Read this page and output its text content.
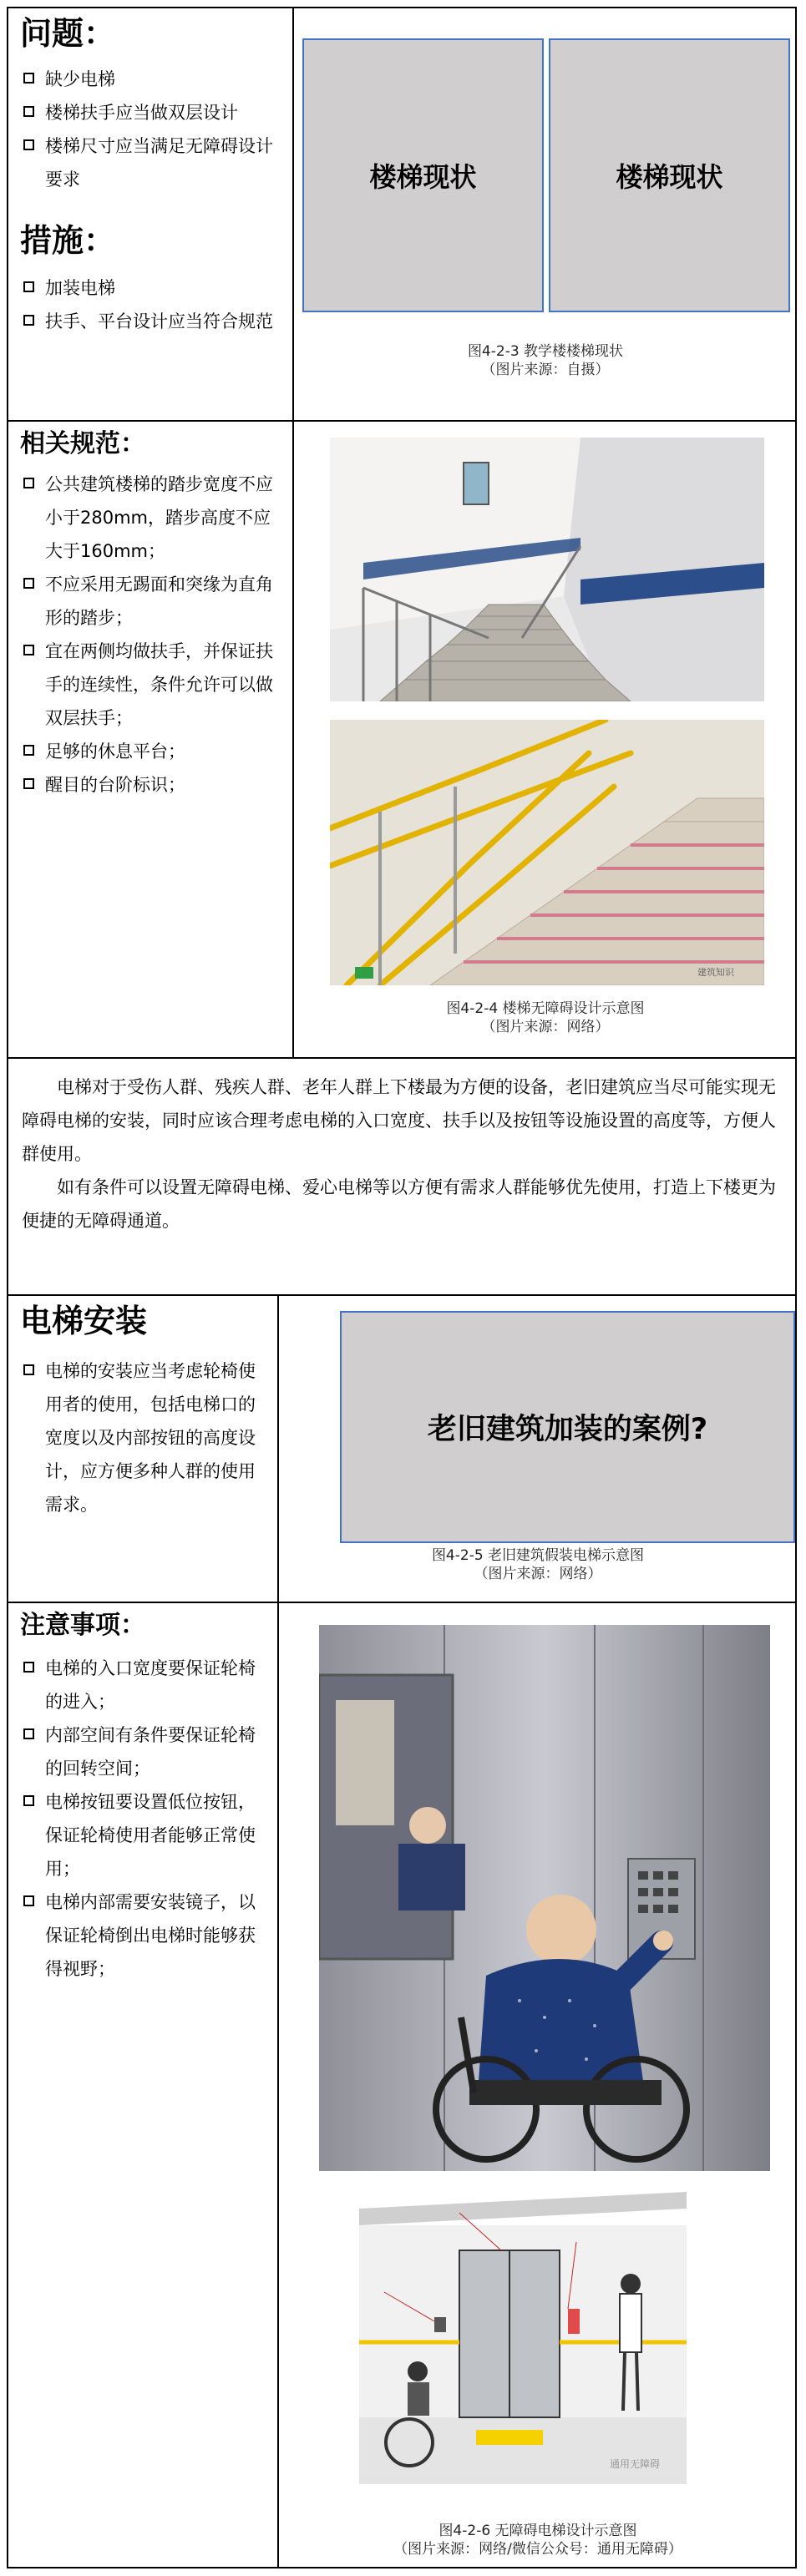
问题：
缺少电梯
楼梯扶手应当做双层设计
楼梯尺寸应当满足无障碍设计要求
措施：
加装电梯
扶手、平台设计应当符合规范
楼梯现状	楼梯现状
图4-2-3 教学楼楼梯现状
（图片来源：自摄）
相关规范：
公共建筑楼梯的踏步宽度不应小于280mm，踏步高度不应大于160mm；
不应采用无踢面和突缘为直角形的踏步；
宜在两侧均做扶手，并保证扶手的连续性，条件允许可以做双层扶手；
足够的休息平台；
醒目的台阶标识；
建筑知识
图4-2-4 楼梯无障碍设计示意图
（图片来源：网络）

电梯对于受伤人群、残疾人群、老年人群上下楼最为方便的设备，老旧建筑应当尽可能实现无障碍电梯的安装，同时应该合理考虑电梯的入口宽度、扶手以及按钮等设施设置的高度等，方便人群使用。

如有条件可以设置无障碍电梯、爱心电梯等以方便有需求人群能够优先使用，打造上下楼更为便捷的无障碍通道。

电梯安装
电梯的安装应当考虑轮椅使用者的使用，包括电梯口的宽度以及内部按钮的高度设计，应方便多种人群的使用需求。
老旧建筑加装的案例?
图4-2-5 老旧建筑假装电梯示意图
（图片来源：网络）
注意事项：
电梯的入口宽度要保证轮椅的进入；
内部空间有条件要保证轮椅的回转空间；
电梯按钮要设置低位按钮，保证轮椅使用者能够正常使用；
电梯内部需要安装镜子，以保证轮椅倒出电梯时能够获得视野；
通用无障碍
图4-2-6 无障碍电梯设计示意图
（图片来源：网络/微信公众号：通用无障碍）
